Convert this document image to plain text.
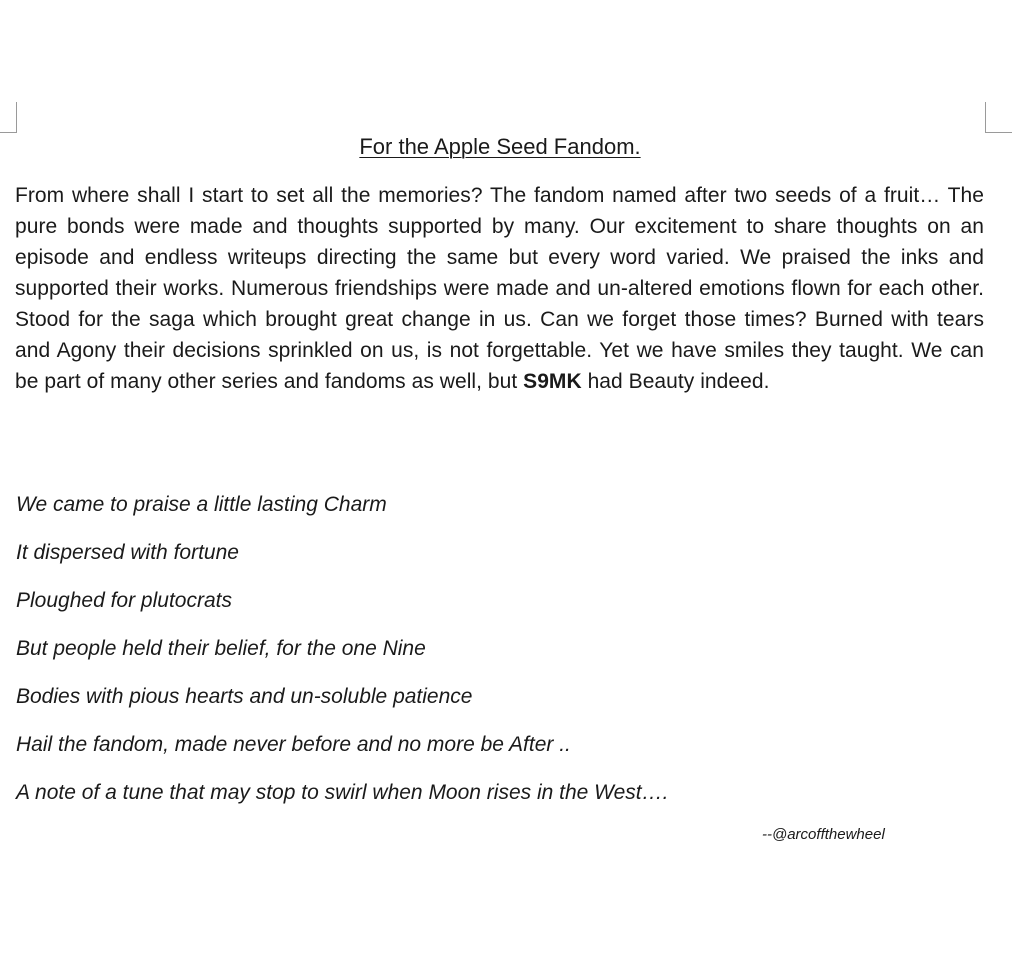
For the Apple Seed Fandom.

From where shall I start to set all the memories? The fandom named after two seeds of a fruit… The pure bonds were made and thoughts supported by many. Our excitement to share thoughts on an episode and endless writeups directing the same but every word varied. We praised the inks and supported their works. Numerous friendships were made and un-altered emotions flown for each other. Stood for the saga which brought great change in us. Can we forget those times? Burned with tears and Agony their decisions sprinkled on us, is not forgettable. Yet we have smiles they taught. We can be part of many other series and fandoms as well, but S9MK had Beauty indeed.

We came to praise a little lasting Charm
It dispersed with fortune
Ploughed for plutocrats
But people held their belief, for the one Nine
Bodies with pious hearts and un-soluble patience
Hail the fandom, made never before and no more be After ..
A note of a tune that may stop to swirl when Moon rises in the West….

--@arcoffthewheel
